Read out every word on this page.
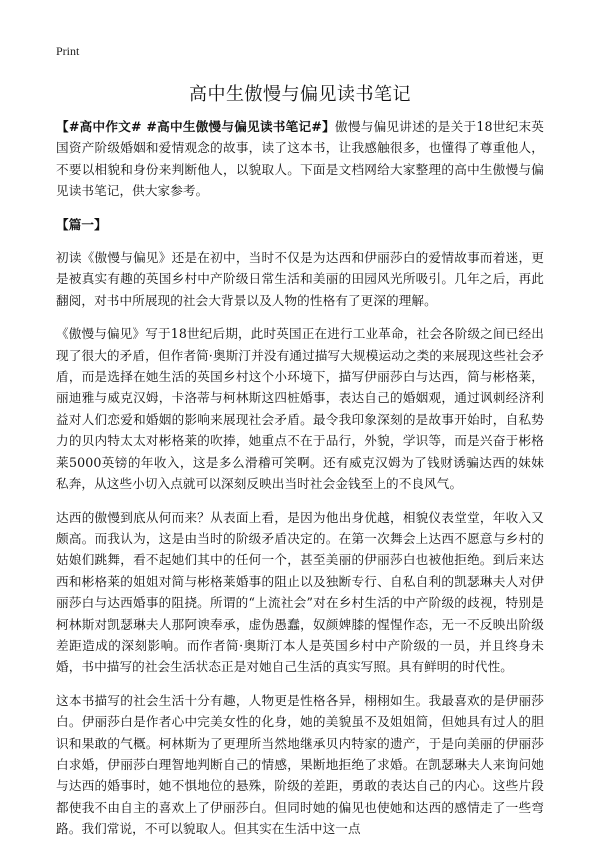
Print
高中生傲慢与偏见读书笔记

【#高中作文# #高中生傲慢与偏见读书笔记#】傲慢与偏见讲述的是关于18世纪末英国资产阶级婚姻和爱情观念的故事，读了这本书，让我感触很多，也懂得了尊重他人，不要以相貌和身份来判断他人，以貌取人。下面是文档网给大家整理的高中生傲慢与偏见读书笔记，供大家参考。

【篇一】

初读《傲慢与偏见》还是在初中，当时不仅是为达西和伊丽莎白的爱情故事而着迷，更是被真实有趣的英国乡村中产阶级日常生活和美丽的田园风光所吸引。几年之后，再此翻阅，对书中所展现的社会大背景以及人物的性格有了更深的理解。

《傲慢与偏见》写于18世纪后期，此时英国正在进行工业革命，社会各阶级之间已经出现了很大的矛盾，但作者简·奥斯汀并没有通过描写大规模运动之类的来展现这些社会矛盾，而是选择在她生活的英国乡村这个小环境下，描写伊丽莎白与达西，简与彬格莱，丽迪雅与威克汉姆，卡洛蒂与柯林斯这四桩婚事，表达自己的婚姻观，通过讽刺经济利益对人们恋爱和婚姻的影响来展现社会矛盾。最令我印象深刻的是故事开始时，自私势力的贝内特太太对彬格莱的吹捧，她重点不在于品行，外貌，学识等，而是兴奋于彬格莱5000英镑的年收入，这是多么滑稽可笑啊。还有威克汉姆为了钱财诱骗达西的妹妹私奔，从这些小切入点就可以深刻反映出当时社会金钱至上的不良风气。

达西的傲慢到底从何而来？从表面上看，是因为他出身优越，相貌仪表堂堂，年收入又颇高。而我认为，这是由当时的阶级矛盾决定的。在第一次舞会上达西不愿意与乡村的姑娘们跳舞，看不起她们其中的任何一个，甚至美丽的伊丽莎白也被他拒绝。到后来达西和彬格莱的姐姐对简与彬格莱婚事的阻止以及独断专行、自私自利的凯瑟琳夫人对伊丽莎白与达西婚事的阻挠。所谓的“上流社会”对在乡村生活的中产阶级的歧视，特别是柯林斯对凯瑟琳夫人那阿谀奉承，虚伪愚蠢，奴颜婢膝的惺惺作态，无一不反映出阶级差距造成的深刻影响。而作者简·奥斯汀本人是英国乡村中产阶级的一员，并且终身未婚，书中描写的社会生活状态正是对她自己生活的真实写照。具有鲜明的时代性。

这本书描写的社会生活十分有趣，人物更是性格各异，栩栩如生。我最喜欢的是伊丽莎白。伊丽莎白是作者心中完美女性的化身，她的美貌虽不及姐姐简，但她具有过人的胆识和果敢的气概。柯林斯为了更理所当然地继承贝内特家的遗产，于是向美丽的伊丽莎白求婚，伊丽莎白理智地判断自己的情感，果断地拒绝了求婚。在凯瑟琳夫人来询问她与达西的婚事时，她不惧地位的悬殊，阶级的差距，勇敢的表达自己的内心。这些片段都使我不由自主的喜欢上了伊丽莎白。但同时她的偏见也使她和达西的感情走了一些弯路。我们常说，不可以貌取人。但其实在生活中这一点
